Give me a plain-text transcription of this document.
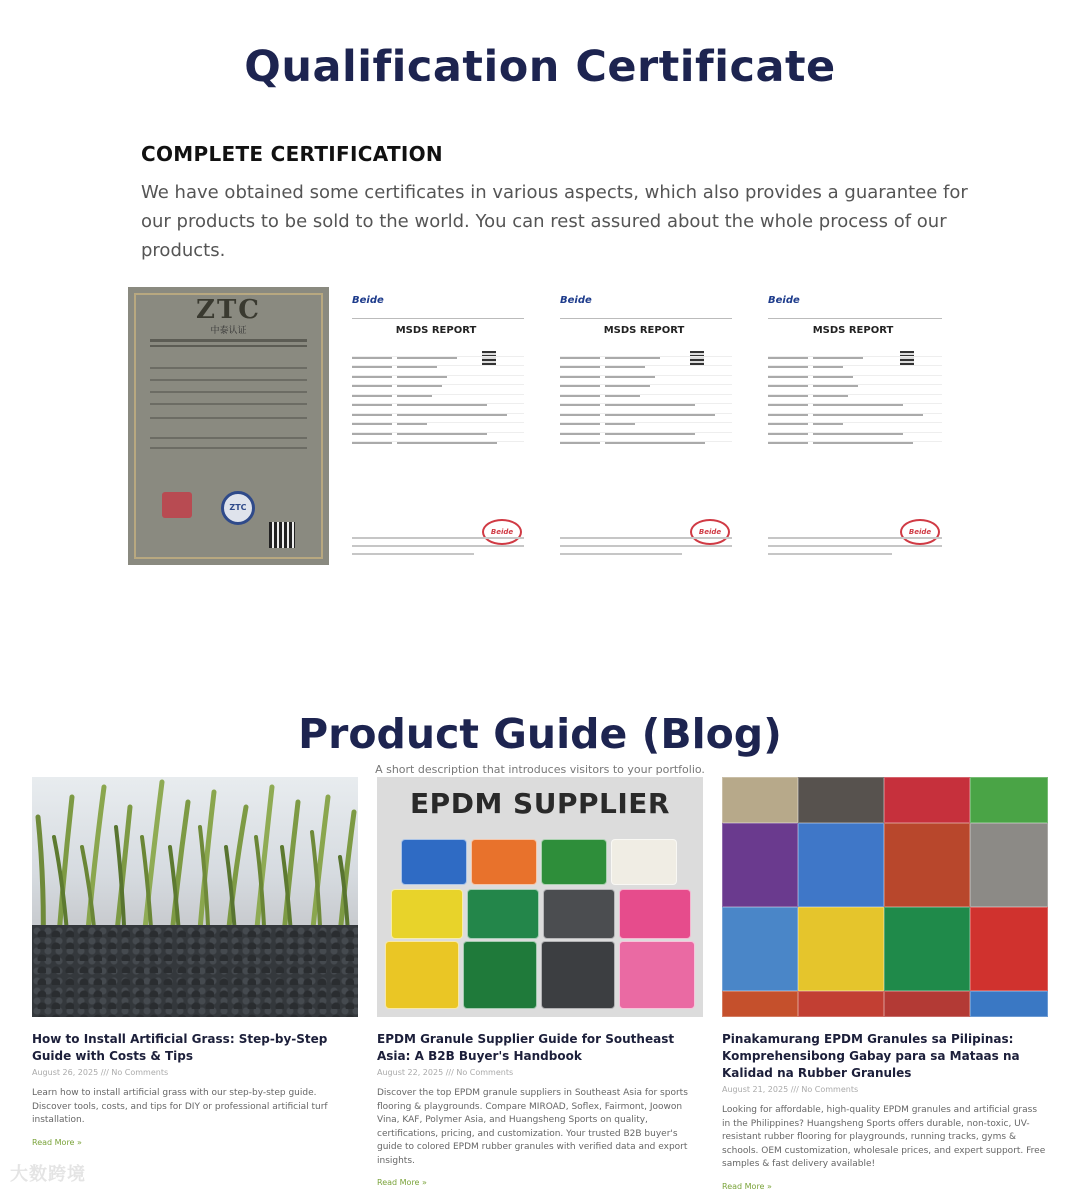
Qualification Certificate
COMPLETE CERTIFICATION

We have obtained some certificates in various aspects, which also provides a guarantee for our products to be sold to the world. You can rest assured about the whole process of our products.

ZTC
中泰认证
ZTC
Beide
MSDS REPORT

Beide
Beide
MSDS REPORT

Beide
Beide
MSDS REPORT

Beide
Product Guide (Blog)

A short description that introduces visitors to your portfolio.

How to Install Artificial Grass: Step-by-Step Guide with Costs & Tips
August 26, 2025 /// No Comments

Learn how to install artificial grass with our step-by-step guide. Discover tools, costs, and tips for DIY or professional artificial turf installation.

Read More »
EPDM SUPPLIER
EPDM Granule Supplier Guide for Southeast Asia: A B2B Buyer's Handbook
August 22, 2025 /// No Comments

Discover the top EPDM granule suppliers in Southeast Asia for sports flooring & playgrounds. Compare MIROAD, Soflex, Fairmont, Joowon Vina, KAF, Polymer Asia, and Huangsheng Sports on quality, certifications, pricing, and customization. Your trusted B2B buyer's guide to colored EPDM rubber granules with verified data and export insights.

Read More »
Pinakamurang EPDM Granules sa Pilipinas: Komprehensibong Gabay para sa Mataas na Kalidad na Rubber Granules
August 21, 2025 /// No Comments

Looking for affordable, high-quality EPDM granules and artificial grass in the Philippines? Huangsheng Sports offers durable, non-toxic, UV-resistant rubber flooring for playgrounds, running tracks, gyms & schools. OEM customization, wholesale prices, and expert support. Free samples & fast delivery available!

Read More »
大数跨境
